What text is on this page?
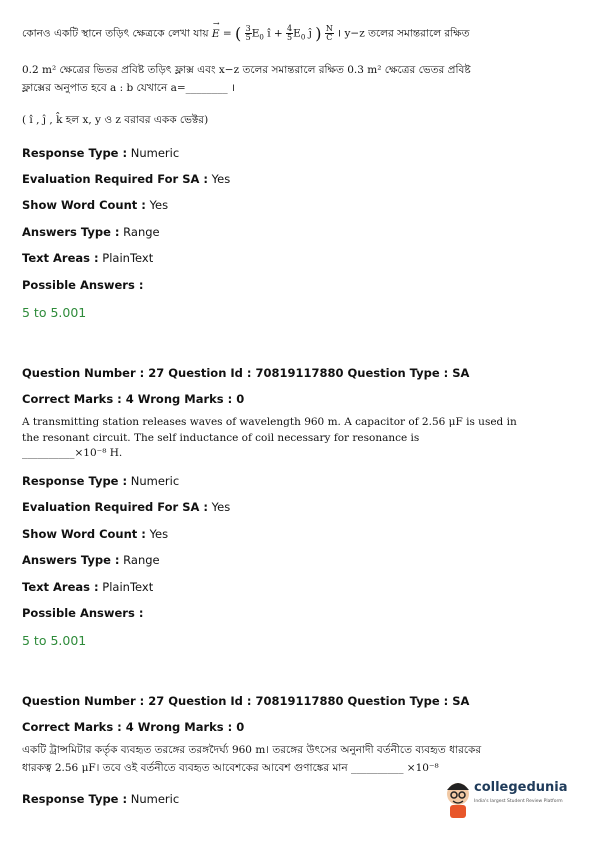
কোনও একটি স্থানে তড়িৎ ক্ষেত্রকে লেখা যায়
→
E = ( $\frac{3}{5} E_0$ î + $\frac{4}{5} E_0$ ĵ ) $\frac{N}{C}$ । y−z তলের সমান্তরালে রক্ষিত
0.2 m² ক্ষেত্রের ভিতর প্রবিষ্ট তড়িৎ ফ্লাক্স এবং x−z তলের সমান্তরালে রক্ষিত 0.3 m² ক্ষেত্রের ভেতর প্রবিষ্ট
ফ্লাক্সের অনুপাত হবে a : b যেখানে a=________ ।
( î , ĵ , k̂ হল x, y ও z বরাবর একক ভেক্টর)
Response Type : Numeric
Evaluation Required For SA : Yes
Show Word Count : Yes
Answers Type : Range
Text Areas : PlainText
Possible Answers :
5 to 5.001
Question Number : 27 Question Id : 70819117880 Question Type : SA
Correct Marks : 4 Wrong Marks : 0
A transmitting station releases waves of wavelength 960 m. A capacitor of 2.56 μF is used in
the resonant circuit. The self inductance of coil necessary for resonance is
__________×10⁻⁸ H.
Response Type : Numeric
Evaluation Required For SA : Yes
Show Word Count : Yes
Answers Type : Range
Text Areas : PlainText
Possible Answers :
5 to 5.001
Question Number : 27 Question Id : 70819117880 Question Type : SA
Correct Marks : 4 Wrong Marks : 0
একটি ট্রান্সমিটার কর্তৃক ব্যবহৃত তরঙ্গের তরঙ্গদৈর্ঘ্য 960 m। তরঙ্গের উৎসের অনুনাদী বর্তনীতে ব্যবহৃত ধারকের
ধারকত্ব 2.56 μF। তবে ওই বর্তনীতে ব্যবহৃত আবেশকের আবেশ গুণাঙ্কের মান __________ ×10⁻⁸
Response Type : Numeric
collegedunia
India's largest Student Review Platform
